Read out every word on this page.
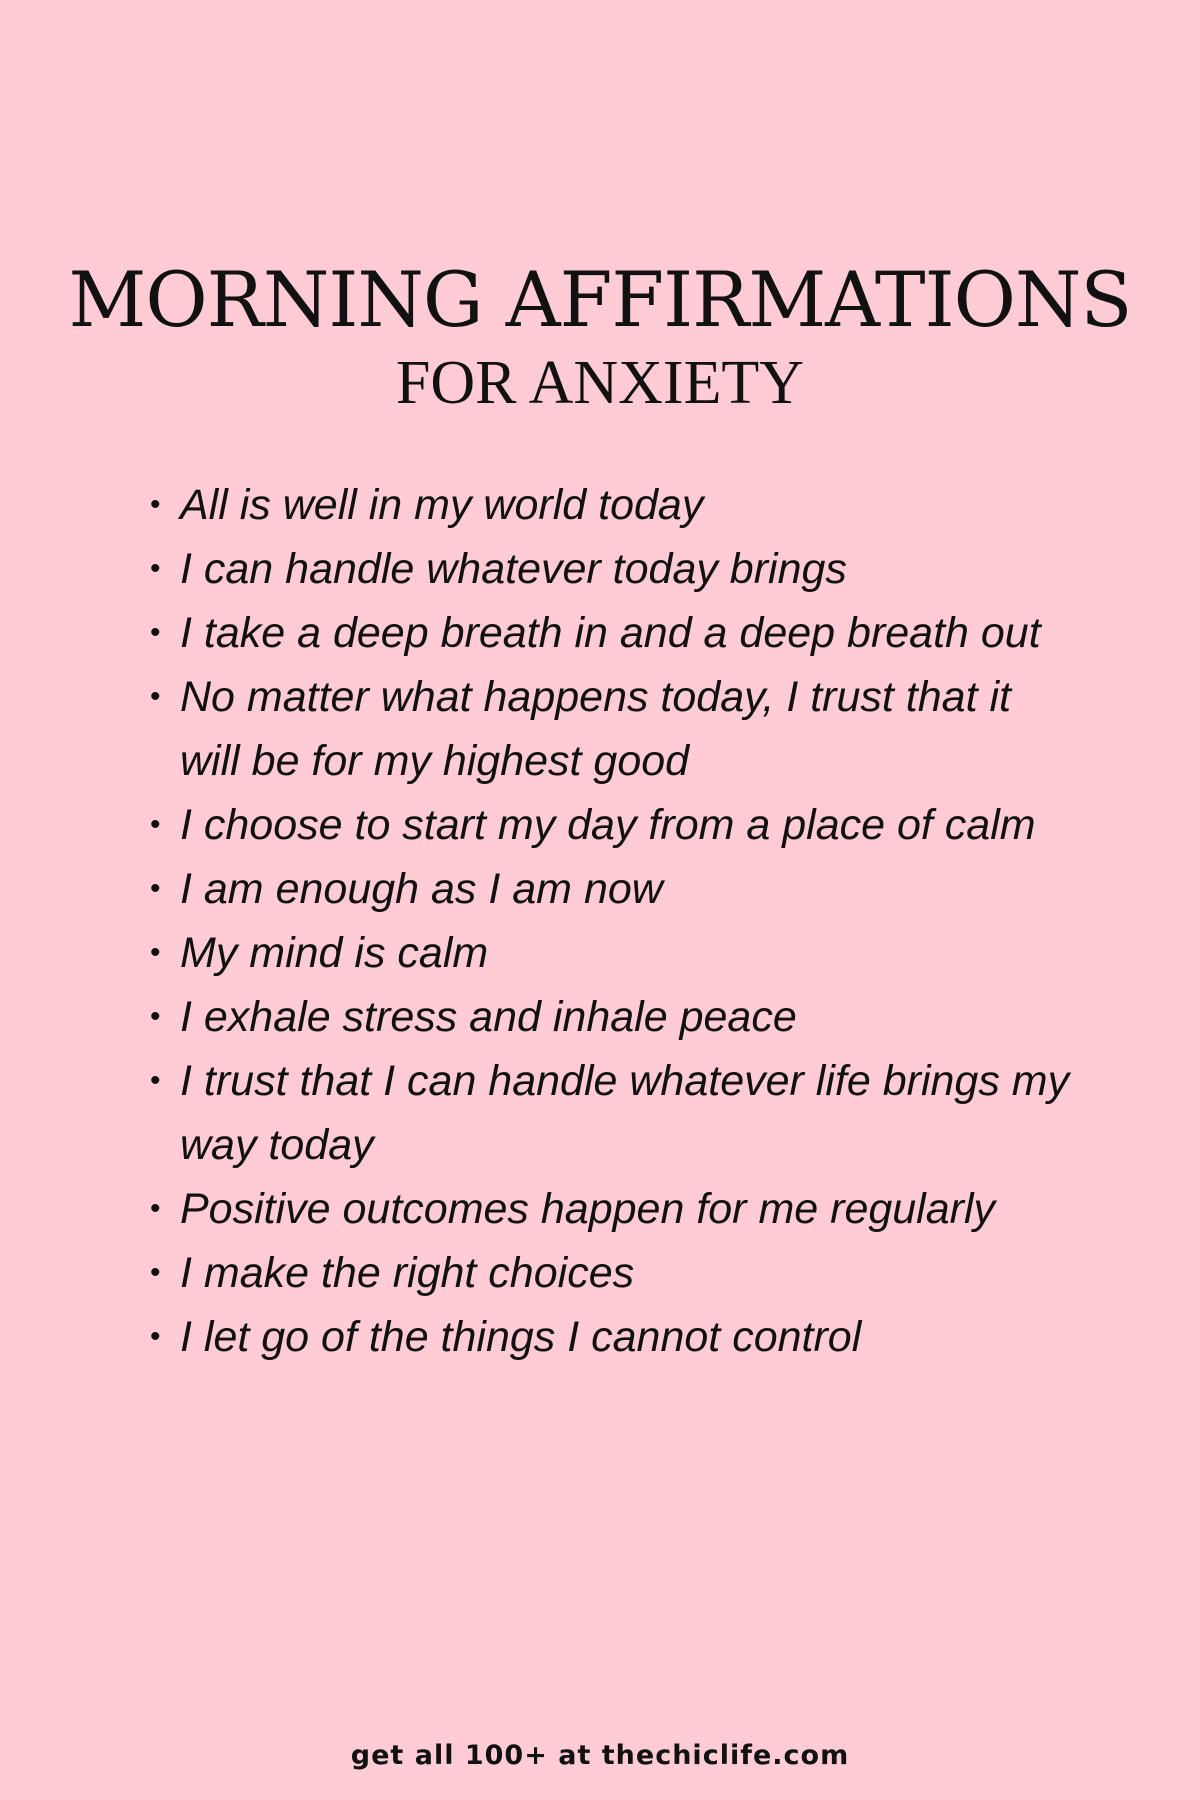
MORNING AFFIRMATIONS
FOR ANXIETY
• All is well in my world today
• I can handle whatever today brings
• I take a deep breath in and a deep breath out
• No matter what happens today, I trust that it will be for my highest good
• I choose to start my day from a place of calm
• I am enough as I am now
• My mind is calm
• I exhale stress and inhale peace
• I trust that I can handle whatever life brings my way today
• Positive outcomes happen for me regularly
• I make the right choices
• I let go of the things I cannot control
get all 100+ at thechiclife.com
